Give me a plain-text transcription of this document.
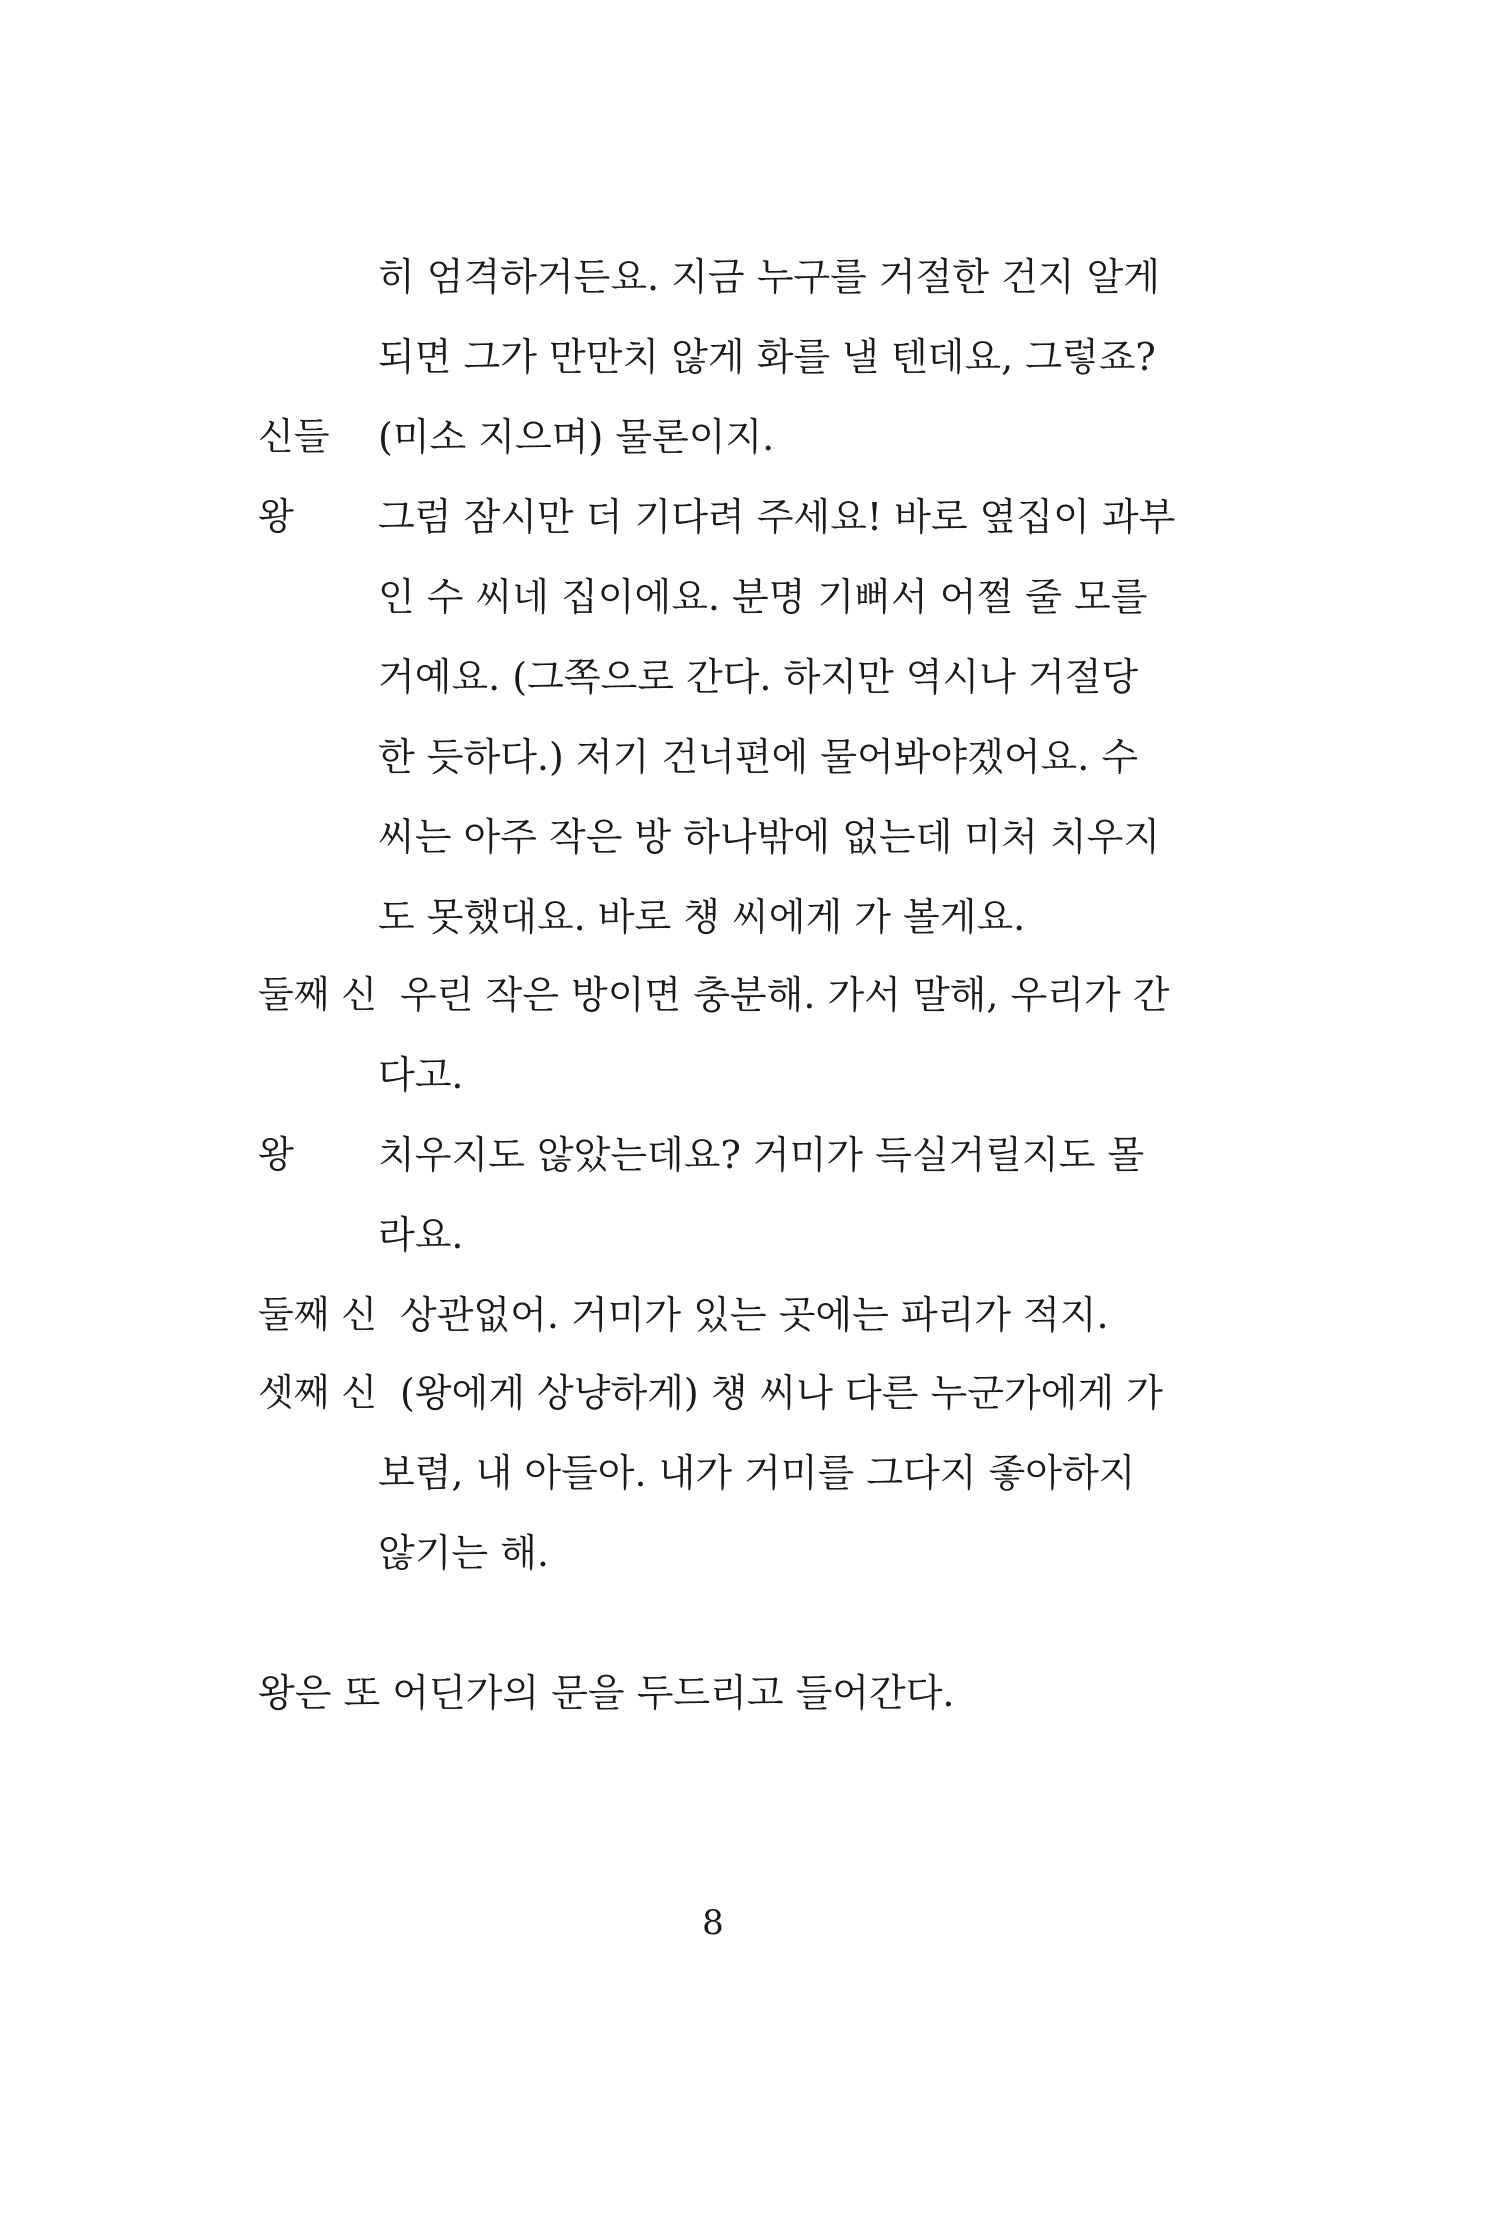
히 엄격하거든요. 지금 누구를 거절한 건지 알게
되면 그가 만만치 않게 화를 낼 텐데요, 그렇죠?
신들 (미소 지으며) 물론이지.
왕 그럼 잠시만 더 기다려 주세요! 바로 옆집이 과부
인 수 씨네 집이에요. 분명 기뻐서 어쩔 줄 모를
거예요. (그쪽으로 간다. 하지만 역시나 거절당
한 듯하다.) 저기 건너편에 물어봐야겠어요. 수
씨는 아주 작은 방 하나밖에 없는데 미처 치우지
도 못했대요. 바로 첑 씨에게 가 볼게요.
둘째 신 우린 작은 방이면 충분해. 가서 말해, 우리가 간
다고.
왕 치우지도 않았는데요? 거미가 득실거릴지도 몰
라요.
둘째 신 상관없어. 거미가 있는 곳에는 파리가 적지.
셋째 신 (왕에게 상냥하게) 첑 씨나 다른 누군가에게 가
보렴, 내 아들아. 내가 거미를 그다지 좋아하지
않기는 해.
왕은 또 어딘가의 문을 두드리고 들어간다.
8
